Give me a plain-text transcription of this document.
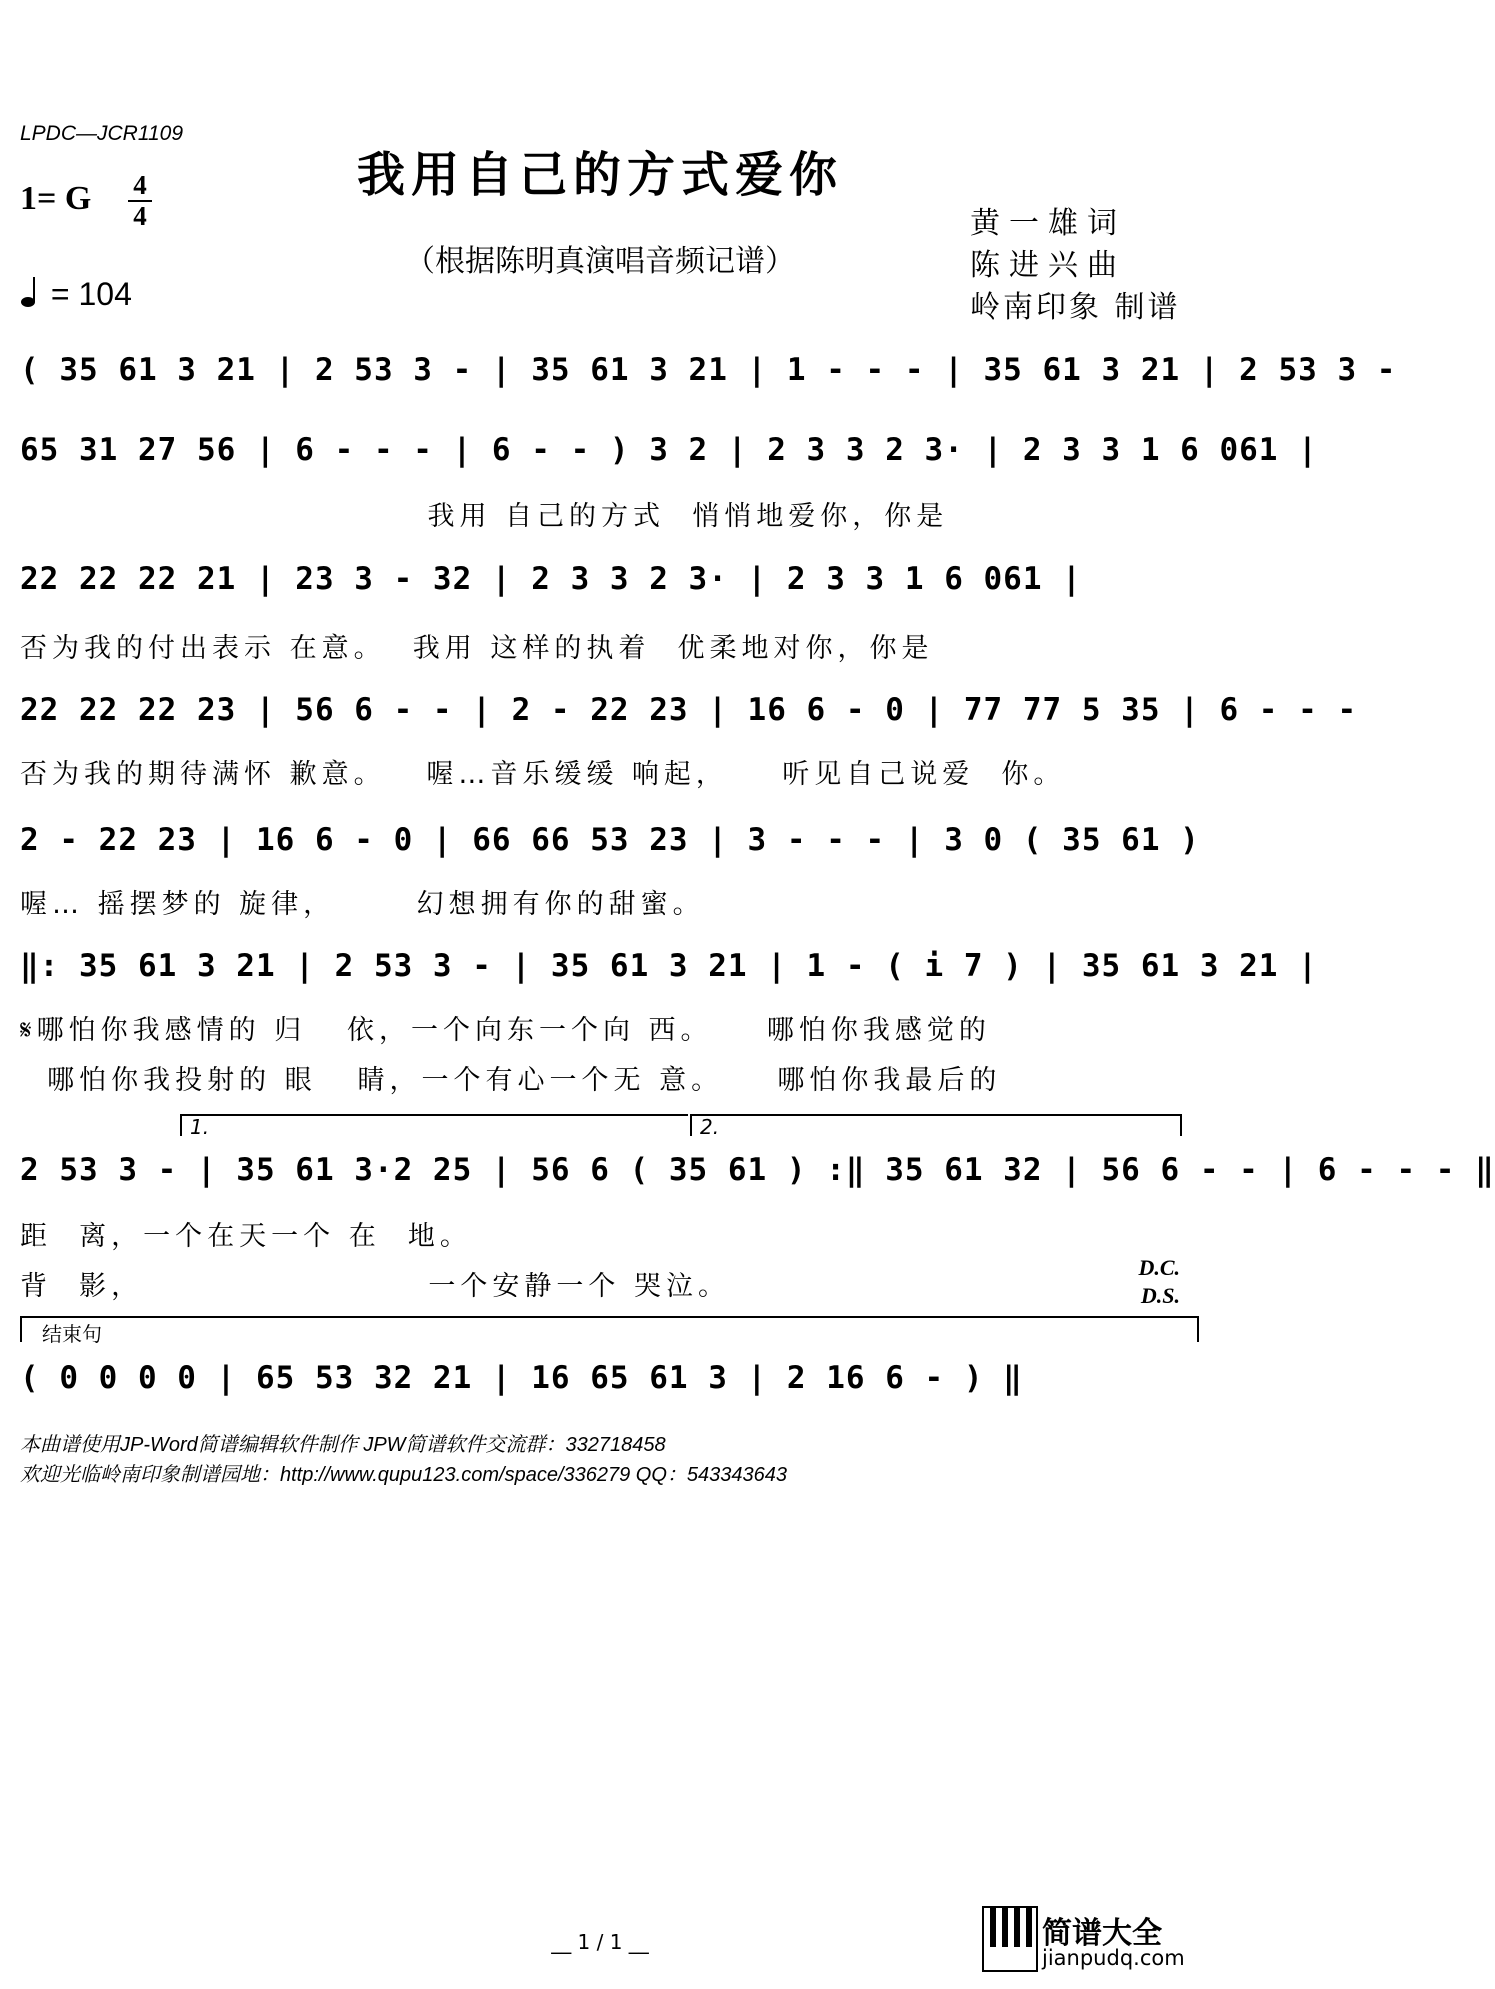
LPDC—JCR1109
我用自己的方式爱你
1= G 4
4
（根据陈明真演唱音频记谱）
黄一雄词
陈进兴曲
岭南印象 制谱
= 104
( 35 61 3 21 | 2 53 3 - | 35 61 3 21 | 1 - - - | 35 61 3 21 | 2 53 3 -
65 31 27 56 | 6 - - - | 6 - - ) 3 2 | 2 3 3 2 3· | 2 3 3 1 6 061 |
我用 自己的方式  悄悄地爱你，你是
22 22 22 21 | 23 3 - 32 | 2 3 3 2 3· | 2 3 3 1 6 061 |
否为我的付出表示 在意。  我用 这样的执着  优柔地对你，你是
22 22 22 23 | 56 6 - - | 2 - 22 23 | 16 6 - 0 | 77 77 5 35 | 6 - - -
否为我的期待满怀 歉意。   喔…音乐缓缓 响起，    听见自己说爱  你。
2 - 22 23 | 16 6 - 0 | 66 66 53 23 | 3 - - - | 3 0 ( 35 61 )
喔… 摇摆梦的 旋律，      幻想拥有你的甜蜜。
‖: 35 61 3 21 | 2 53 3 - | 35 61 3 21 | 1 - ( i 7 ) | 35 61 3 21 |
𝄋哪怕你我感情的 归   依，一个向东一个向 西。    哪怕你我感觉的
哪怕你我投射的 眼   睛，一个有心一个无 意。    哪怕你我最后的
1.	2.
2 53 3 - | 35 61 3·2 25 | 56 6 ( 35 61 ) :‖ 35 61 32 | 56 6 - - | 6 - - - ‖
距  离，一个在天一个 在  地。
背  影，                     一个安静一个 哭泣。
D.C.
D.S.
结束句
( 0 0 0 0 | 65 53 32 21 | 16 65 61 3 | 2 16 6 - ) ‖
本曲谱使用JP-Word简谱编辑软件制作 JPW简谱软件交流群：332718458
欢迎光临岭南印象制谱园地：http://www.qupu123.com/space/336279 QQ：543343643
__ 1 / 1 __	简谱大全
jianpudq.com
